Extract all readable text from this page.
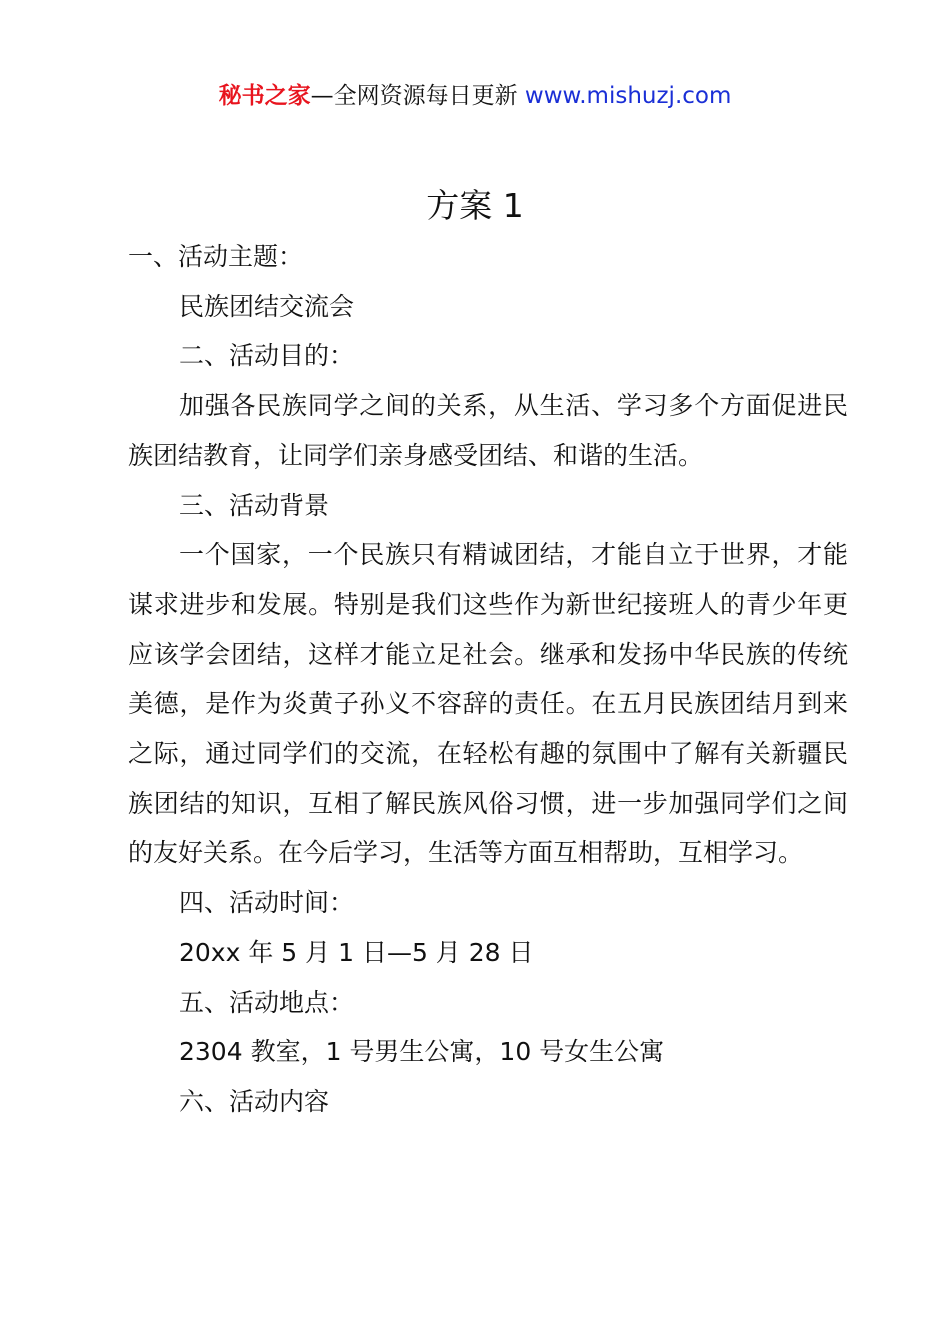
秘书之家—全网资源每日更新 www.mishuzj.com
方案 1

一、活动主题：

民族团结交流会

二、活动目的：

加强各民族同学之间的关系，从生活、学习多个方面促进民族团结教育，让同学们亲身感受团结、和谐的生活。

三、活动背景

一个国家，一个民族只有精诚团结，才能自立于世界，才能谋求进步和发展。特别是我们这些作为新世纪接班人的青少年更应该学会团结，这样才能立足社会。继承和发扬中华民族的传统美德，是作为炎黄子孙义不容辞的责任。在五月民族团结月到来之际，通过同学们的交流，在轻松有趣的氛围中了解有关新疆民族团结的知识，互相了解民族风俗习惯，进一步加强同学们之间的友好关系。在今后学习，生活等方面互相帮助，互相学习。

四、活动时间：

20xx 年 5 月 1 日—5 月 28 日

五、活动地点：

2304 教室，1 号男生公寓，10 号女生公寓

六、活动内容
